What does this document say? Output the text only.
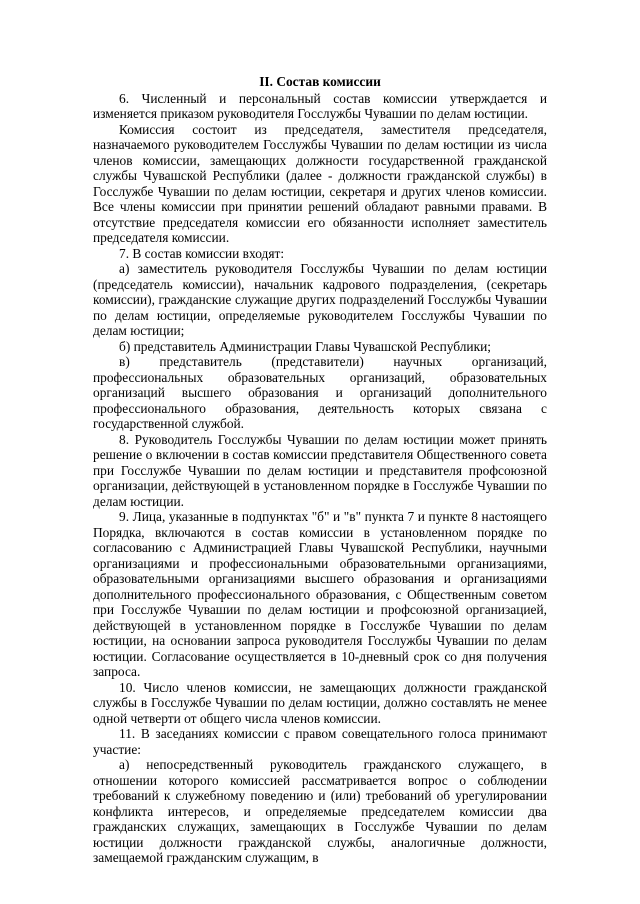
II. Состав комиссии

6. Численный и персональный состав комиссии утверждается и изменяется приказом руководителя Госслужбы Чувашии по делам юстиции.

Комиссия состоит из председателя, заместителя председателя, назначаемого руководителем Госслужбы Чувашии по делам юстиции из числа членов комиссии, замещающих должности государственной гражданской службы Чувашской Республики (далее - должности гражданской службы) в Госслужбе Чувашии по делам юстиции, секретаря и других членов комиссии. Все члены комиссии при принятии решений обладают равными правами. В отсутствие председателя комиссии его обязанности исполняет заместитель председателя комиссии.

7. В состав комиссии входят:

а) заместитель руководителя Госслужбы Чувашии по делам юстиции (председатель комиссии), начальник кадрового подразделения, (секретарь комиссии), гражданские служащие других подразделений Госслужбы Чувашии по делам юстиции, определяемые руководителем Госслужбы Чувашии по делам юстиции;

б) представитель Администрации Главы Чувашской Республики;

в) представитель (представители) научных организаций, профессиональных образовательных организаций, образовательных организаций высшего образования и организаций дополнительного профессионального образования, деятельность которых связана с государственной службой.

8. Руководитель Госслужбы Чувашии по делам юстиции может принять решение о включении в состав комиссии представителя Общественного совета при Госслужбе Чувашии по делам юстиции и представителя профсоюзной организации, действующей в установленном порядке в Госслужбе Чувашии по делам юстиции.

9. Лица, указанные в подпунктах "б" и "в" пункта 7 и пункте 8 настоящего Порядка, включаются в состав комиссии в установленном порядке по согласованию с Администрацией Главы Чувашской Республики, научными организациями и профессиональными образовательными организациями, образовательными организациями высшего образования и организациями дополнительного профессионального образования, с Общественным советом при Госслужбе Чувашии по делам юстиции и профсоюзной организацией, действующей в установленном порядке в Госслужбе Чувашии по делам юстиции, на основании запроса руководителя Госслужбы Чувашии по делам юстиции. Согласование осуществляется в 10-дневный срок со дня получения запроса.

10. Число членов комиссии, не замещающих должности гражданской службы в Госслужбе Чувашии по делам юстиции, должно составлять не менее одной четверти от общего числа членов комиссии.

11. В заседаниях комиссии с правом совещательного голоса принимают участие:

а) непосредственный руководитель гражданского служащего, в отношении которого комиссией рассматривается вопрос о соблюдении требований к служебному поведению и (или) требований об урегулировании конфликта интересов, и определяемые председателем комиссии два гражданских служащих, замещающих в Госслужбе Чувашии по делам юстиции должности гражданской службы, аналогичные должности, замещаемой гражданским служащим, в
